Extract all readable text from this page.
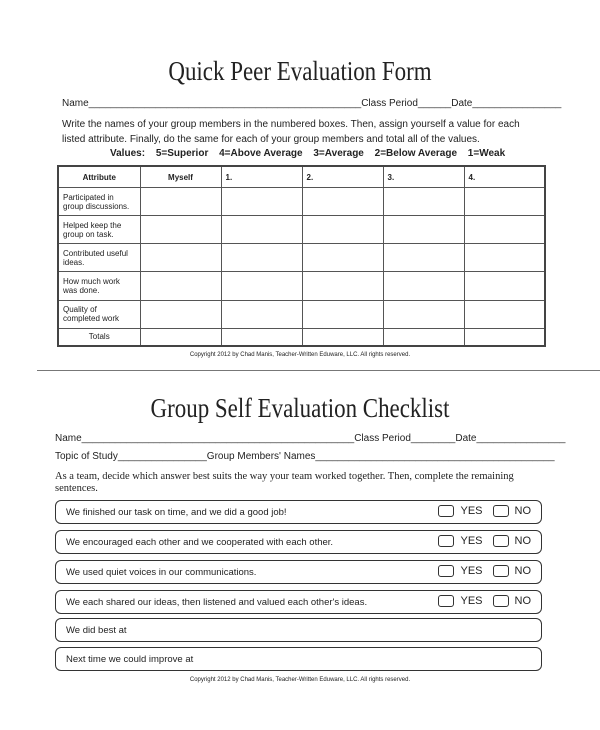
Quick Peer Evaluation Form
Name_________________________________________________Class Period______Date________________
Write the names of your group members in the numbered boxes. Then, assign yourself a value for each listed attribute. Finally, do the same for each of your group members and total all of the values.
Values: 5=Superior 4=Above Average 3=Average 2=Below Average 1=Weak
Attribute	Myself	1.	2.	3.	4.
Participated in group discussions.					
Helped keep the group on task.					
Contributed useful ideas.					
How much work was done.					
Quality of completed work					
Totals					
Copyright 2012 by Chad Manis, Teacher-Written Eduware, LLC. All rights reserved.
Group Self Evaluation Checklist
Name_________________________________________________Class Period________Date________________
Topic of Study________________Group Members' Names___________________________________________
As a team, decide which answer best suits the way your team worked together. Then, complete the remaining sentences.
We finished our task on time, and we did a good job!	YES	NO
We encouraged each other and we cooperated with each other.	YES	NO
We used quiet voices in our communications.	YES	NO
We each shared our ideas, then listened and valued each other's ideas.	YES	NO
We did best at
Next time we could improve at
Copyright 2012 by Chad Manis, Teacher-Written Eduware, LLC. All rights reserved.
